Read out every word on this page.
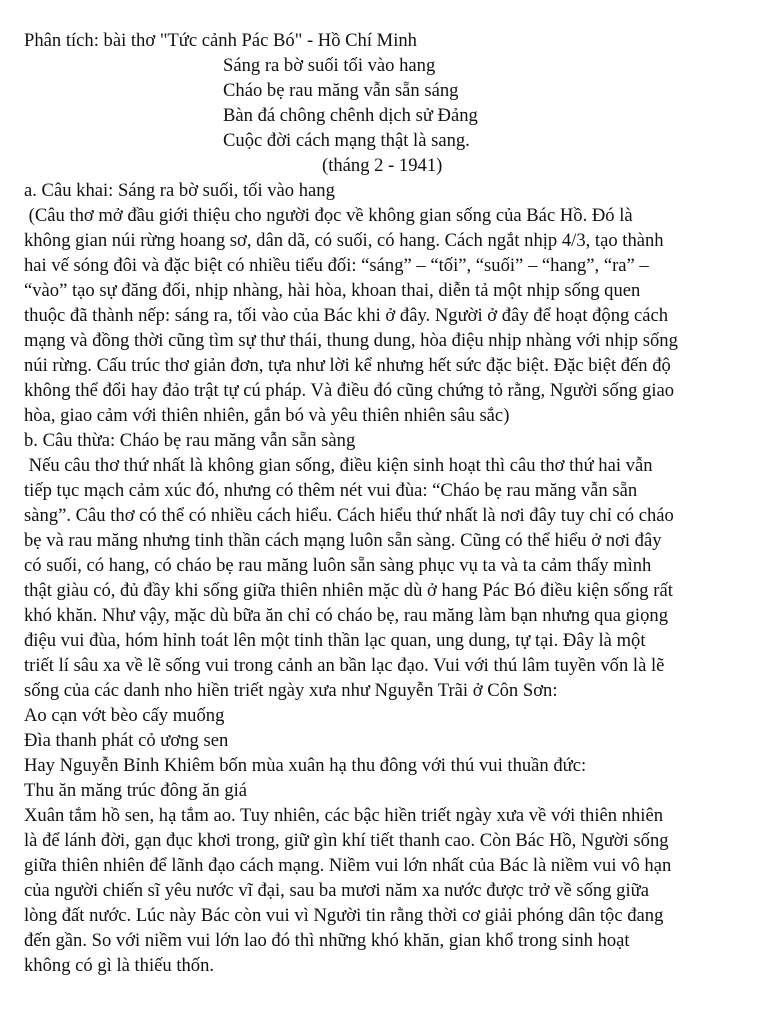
Phân tích: bài thơ "Tức cảnh Pác Bó" - Hồ Chí Minh
Sáng ra bờ suối tối vào hang
Cháo bẹ rau măng vẫn sẵn sáng
Bàn đá chông chênh dịch sử Đảng
Cuộc đời cách mạng thật là sang.
(tháng 2 - 1941)
a. Câu khai: Sáng ra bờ suối, tối vào hang
(Câu thơ mở đầu giới thiệu cho người đọc về không gian sống của Bác Hồ. Đó là
không gian núi rừng hoang sơ, dân dã, có suối, có hang. Cách ngắt nhịp 4/3, tạo thành
hai vế sóng đôi và đặc biệt có nhiều tiểu đối: “sáng” – “tối”, “suối” – “hang”, “ra” –
“vào” tạo sự đăng đối, nhịp nhàng, hài hòa, khoan thai, diễn tả một nhịp sống quen
thuộc đã thành nếp: sáng ra, tối vào của Bác khi ở đây. Người ở đây để hoạt động cách
mạng và đồng thời cũng tìm sự thư thái, thung dung, hòa điệu nhịp nhàng với nhịp sống
núi rừng. Cấu trúc thơ giản đơn, tựa như lời kể nhưng hết sức đặc biệt. Đặc biệt đến độ
không thể đổi hay đảo trật tự cú pháp. Và điều đó cũng chứng tỏ rằng, Người sống giao
hòa, giao cảm với thiên nhiên, gắn bó và yêu thiên nhiên sâu sắc)
b. Câu thừa: Cháo bẹ rau măng vẫn sẵn sàng
Nếu câu thơ thứ nhất là không gian sống, điều kiện sinh hoạt thì câu thơ thứ hai vẫn
tiếp tục mạch cảm xúc đó, nhưng có thêm nét vui đùa: “Cháo bẹ rau măng vẫn sẵn
sàng”. Câu thơ có thể có nhiều cách hiểu. Cách hiểu thứ nhất là nơi đây tuy chỉ có cháo
bẹ và rau măng nhưng tinh thần cách mạng luôn sẵn sàng. Cũng có thể hiểu ở nơi đây
có suối, có hang, có cháo bẹ rau măng luôn sẵn sàng phục vụ ta và ta cảm thấy mình
thật giàu có, đủ đầy khi sống giữa thiên nhiên mặc dù ở hang Pác Bó điều kiện sống rất
khó khăn. Như vậy, mặc dù bữa ăn chỉ có cháo bẹ, rau măng làm bạn nhưng qua giọng
điệu vui đùa, hóm hỉnh toát lên một tinh thần lạc quan, ung dung, tự tại. Đây là một
triết lí sâu xa về lẽ sống vui trong cảnh an bần lạc đạo. Vui với thú lâm tuyền vốn là lẽ
sống của các danh nho hiền triết ngày xưa như Nguyễn Trãi ở Côn Sơn:
Ao cạn vớt bèo cấy muống
Đìa thanh phát cỏ ương sen
Hay Nguyễn Bỉnh Khiêm bốn mùa xuân hạ thu đông với thú vui thuần đức:
Thu ăn măng trúc đông ăn giá
Xuân tắm hồ sen, hạ tắm ao. Tuy nhiên, các bậc hiền triết ngày xưa về với thiên nhiên
là để lánh đời, gạn đục khơi trong, giữ gìn khí tiết thanh cao. Còn Bác Hồ, Người sống
giữa thiên nhiên để lãnh đạo cách mạng. Niềm vui lớn nhất của Bác là niềm vui vô hạn
của người chiến sĩ yêu nước vĩ đại, sau ba mươi năm xa nước được trở về sống giữa
lòng đất nước. Lúc này Bác còn vui vì Người tin rằng thời cơ giải phóng dân tộc đang
đến gần. So với niềm vui lớn lao đó thì những khó khăn, gian khổ trong sinh hoạt
không có gì là thiếu thốn.
